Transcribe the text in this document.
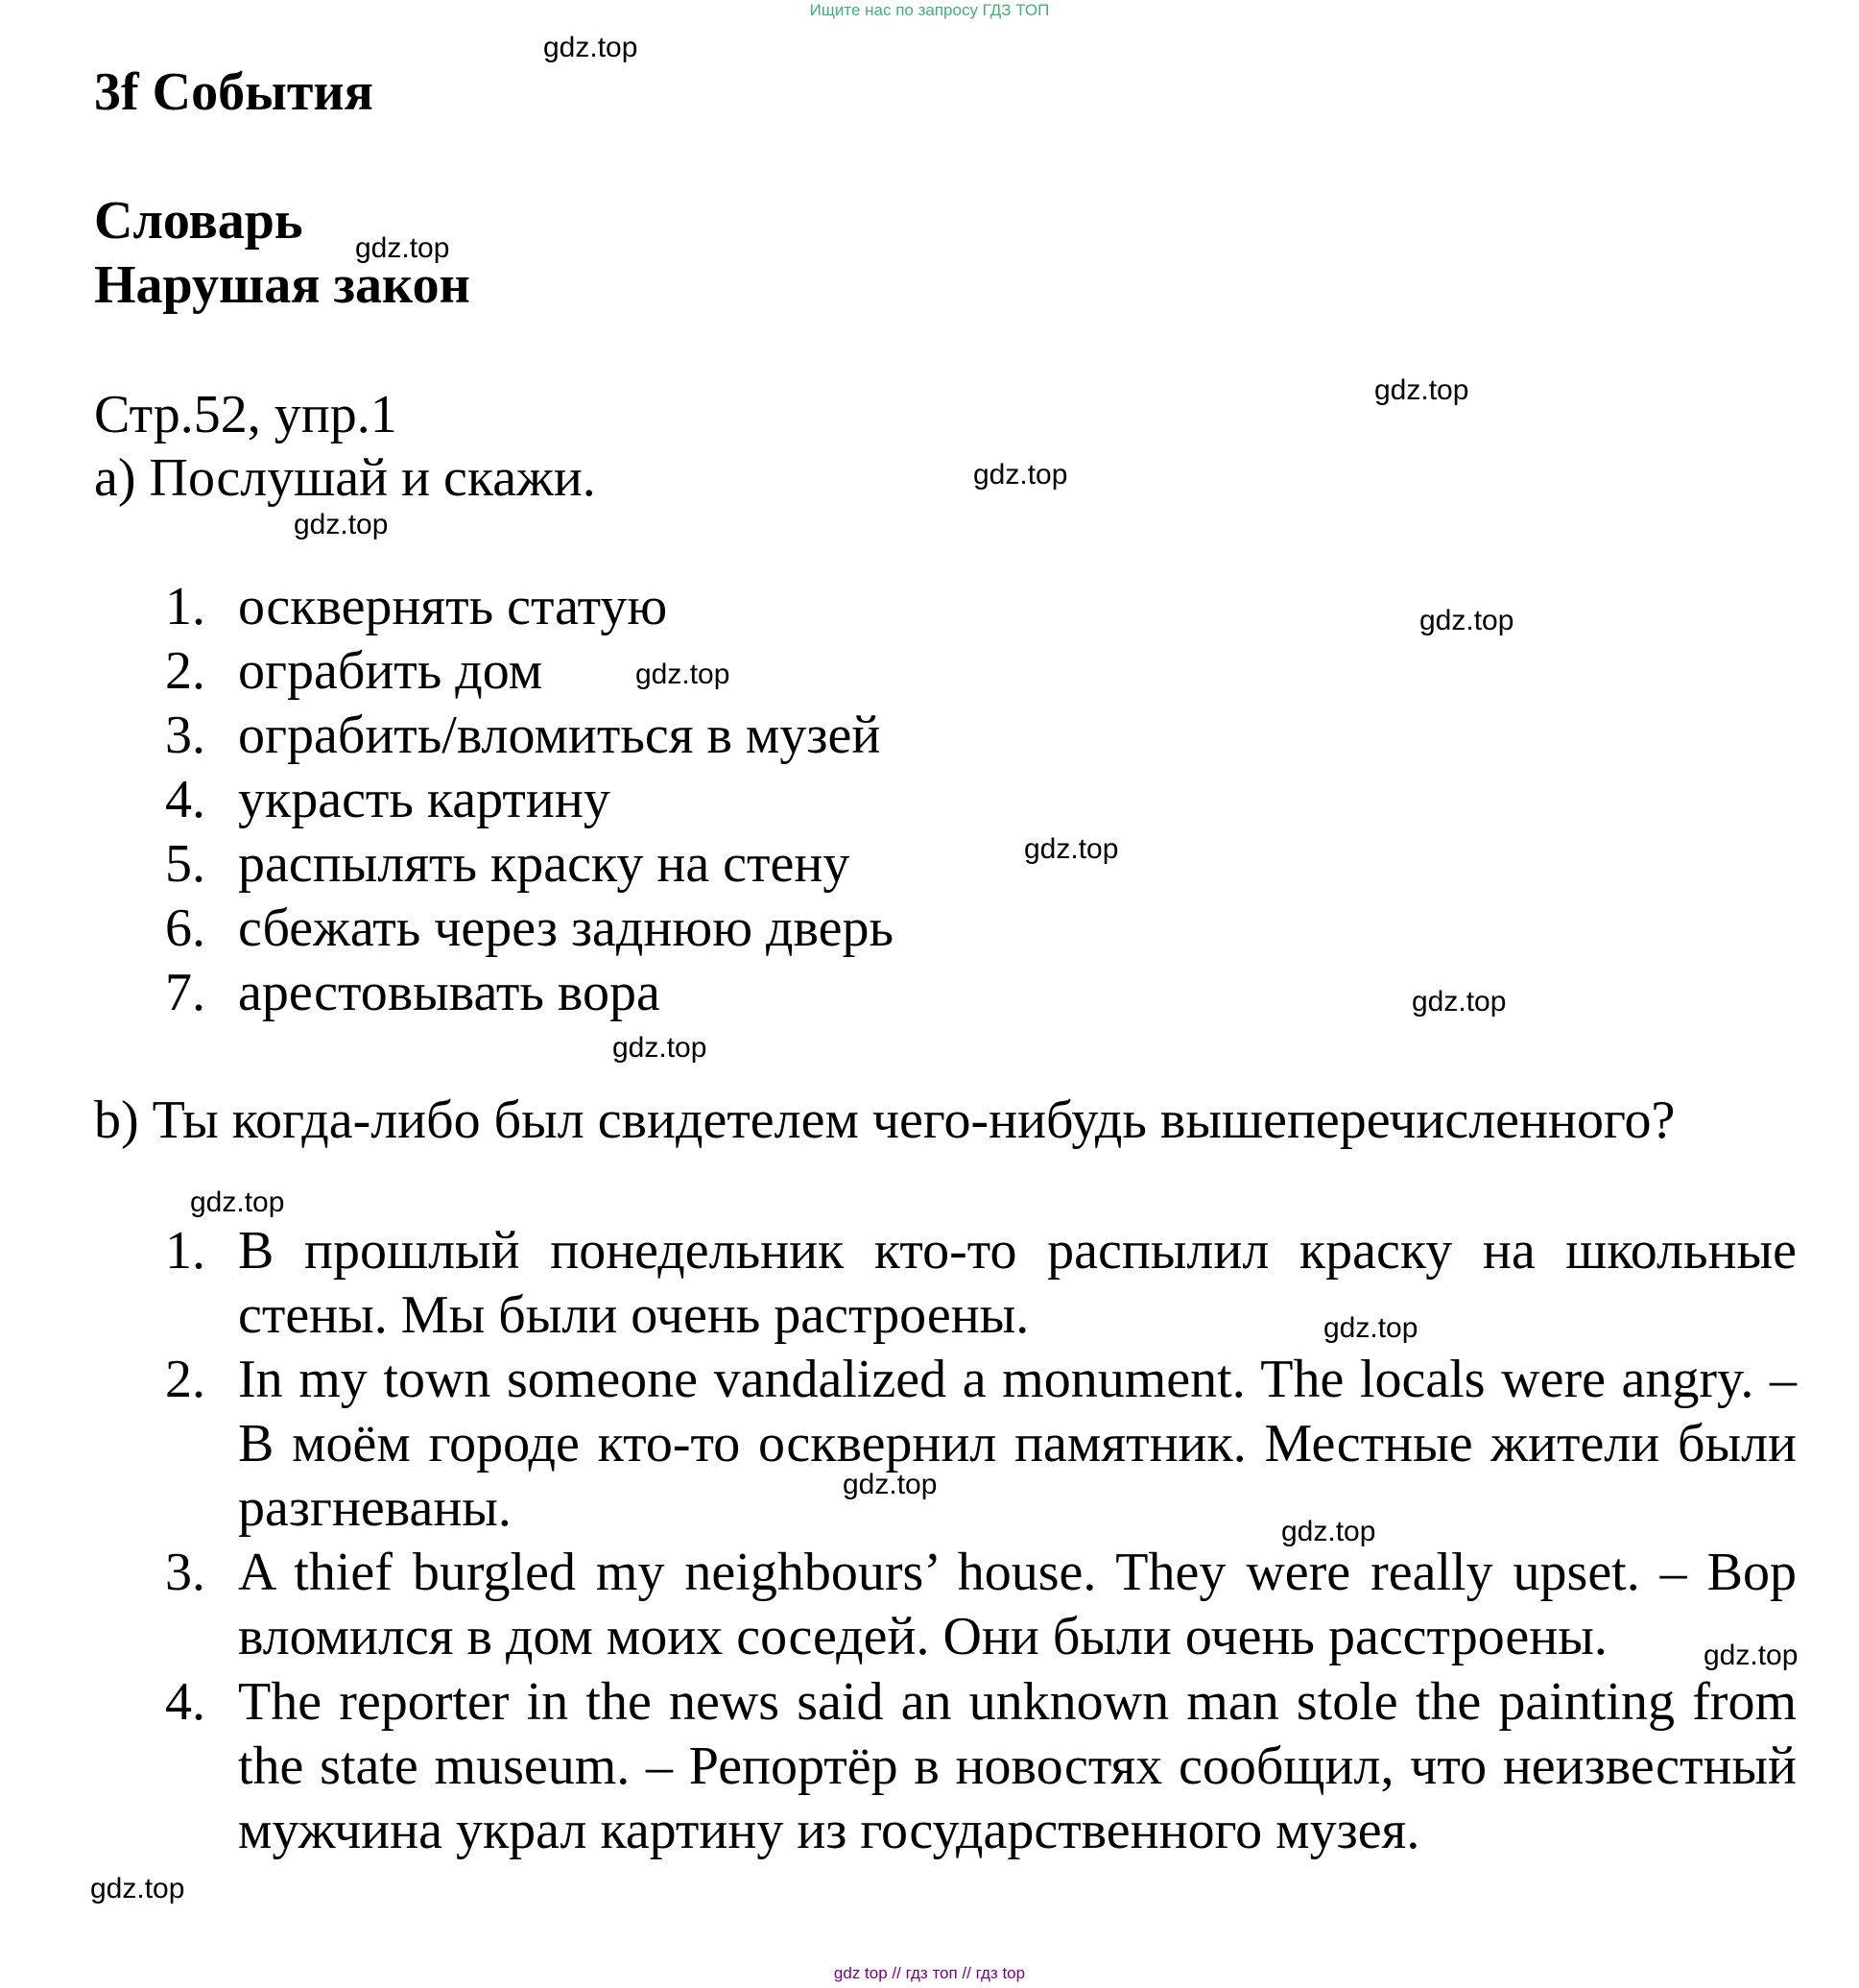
Ищите нас по запросу ГДЗ ТОП
3f События
Словарь
Нарушая закон
Стр.52, упр.1
a) Послушай и скажи.
1. осквернять статую
2. ограбить дом
3. ограбить/вломиться в музей
4. украсть картину
5. распылять краску на стену
6. сбежать через заднюю дверь
7. арестовывать вора
b) Ты когда-либо был свидетелем чего-нибудь вышеперечисленного?
1. В прошлый понедельник кто-то распылил краску на школьные стены. Мы были очень растроены.
2. In my town someone vandalized a monument. The locals were angry. – В моём городе кто-то осквернил памятник. Местные жители были разгневаны.
3. A thief burgled my neighbours’ house. They were really upset. – Вор вломился в дом моих соседей. Они были очень расстроены.
4. The reporter in the news said an unknown man stole the painting from the state museum. – Репортёр в новостях сообщил, что неизвестный мужчина украл картину из государственного музея.
gdz.top
gdz.top
gdz.top
gdz.top
gdz.top
gdz.top
gdz.top
gdz.top
gdz.top
gdz.top
gdz.top
gdz.top
gdz.top
gdz.top
gdz.top
gdz.top
gdz top // гдз топ // гдз top
